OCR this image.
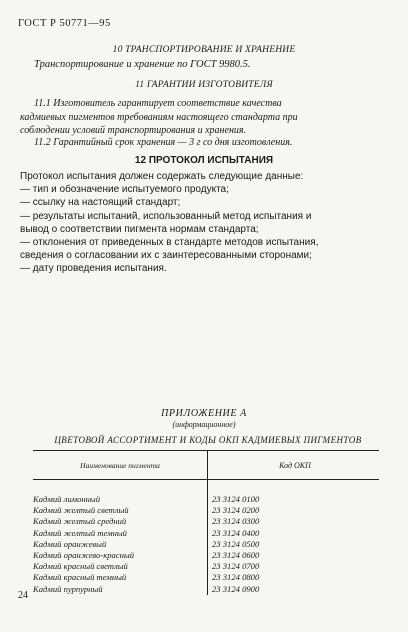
ГОСТ Р 50771—95
10 ТРАНСПОРТИРОВАНИЕ И ХРАНЕНИЕ
Транспортирование и хранение по ГОСТ 9980.5.
11 ГАРАНТИИ ИЗГОТОВИТЕЛЯ
11.1 Изготовитель гарантирует соответствие качества
кадмиевых пигментов требованиям настоящего стандарта при
соблюдении условий транспортирования и хранения.
11.2 Гарантийный срок хранения — 3 г со дня изготовления.
12 ПРОТОКОЛ ИСПЫТАНИЯ
Протокол испытания должен содержать следующие данные:
— тип и обозначение испытуемого продукта;
— ссылку на настоящий стандарт;
— результаты испытаний, использованный метод испытания и
вывод о соответствии пигмента нормам стандарта;
— отклонения от приведенных в стандарте методов испытания,
сведения о согласовании их с заинтересованными сторонами;
— дату проведения испытания.
ПРИЛОЖЕНИЕ А
(информационное)
ЦВЕТОВОЙ АССОРТИМЕНТ И КОДЫ ОКП КАДМИЕВЫХ ПИГМЕНТОВ
Наименование пигмента	Код ОКП

Кадмий лимонный	23 3124 0100
Кадмий желтый светлый	23 3124 0200
Кадмий желтый средний	23 3124 0300
Кадмий желтый темный	23 3124 0400
Кадмий оранжевый	23 3124 0500
Кадмий оранжево-красный	23 3124 0600
Кадмий красный светлый	23 3124 0700
Кадмий красный темный	23 3124 0800
Кадмий пурпурный	23 3124 0900
24
